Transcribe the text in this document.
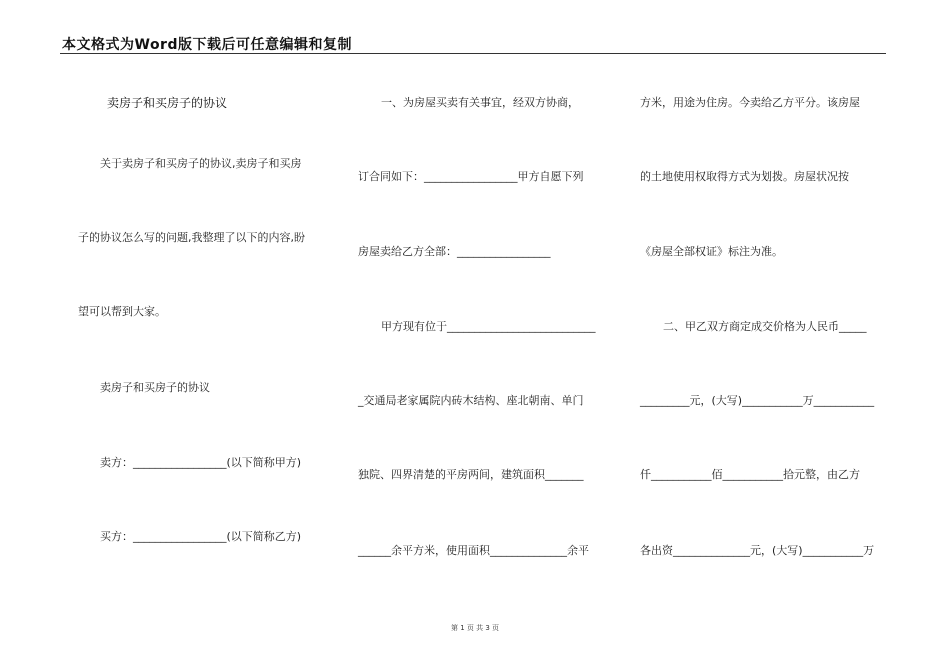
本文格式为Word版下载后可任意编辑和复制
卖房子和买房子的协议
关于卖房子和买房子的协议,卖房子和买房
子的协议怎么写的问题,我整理了以下的内容,盼
望可以帮到大家。
卖房子和买房子的协议
卖方：_________________(以下简称甲方)
买方：_________________(以下简称乙方)
一、为房屋买卖有关事宜，经双方协商，
订合同如下：_________________甲方自愿下列
房屋卖给乙方全部：_________________
甲方现有位于___________________________
_交通局老家属院内砖木结构、座北朝南、单门
独院、四界清楚的平房两间，建筑面积_______
______余平方米，使用面积______________余平
方米，用途为住房。今卖给乙方平分。该房屋
的土地使用权取得方式为划拨。房屋状况按
《房屋全部权证》标注为准。
二、甲乙双方商定成交价格为人民币_____
_________元，(大写)___________万___________
仟___________佰___________拾元整，由乙方
各出资______________元，(大写)___________万
第 1 页 共 3 页
